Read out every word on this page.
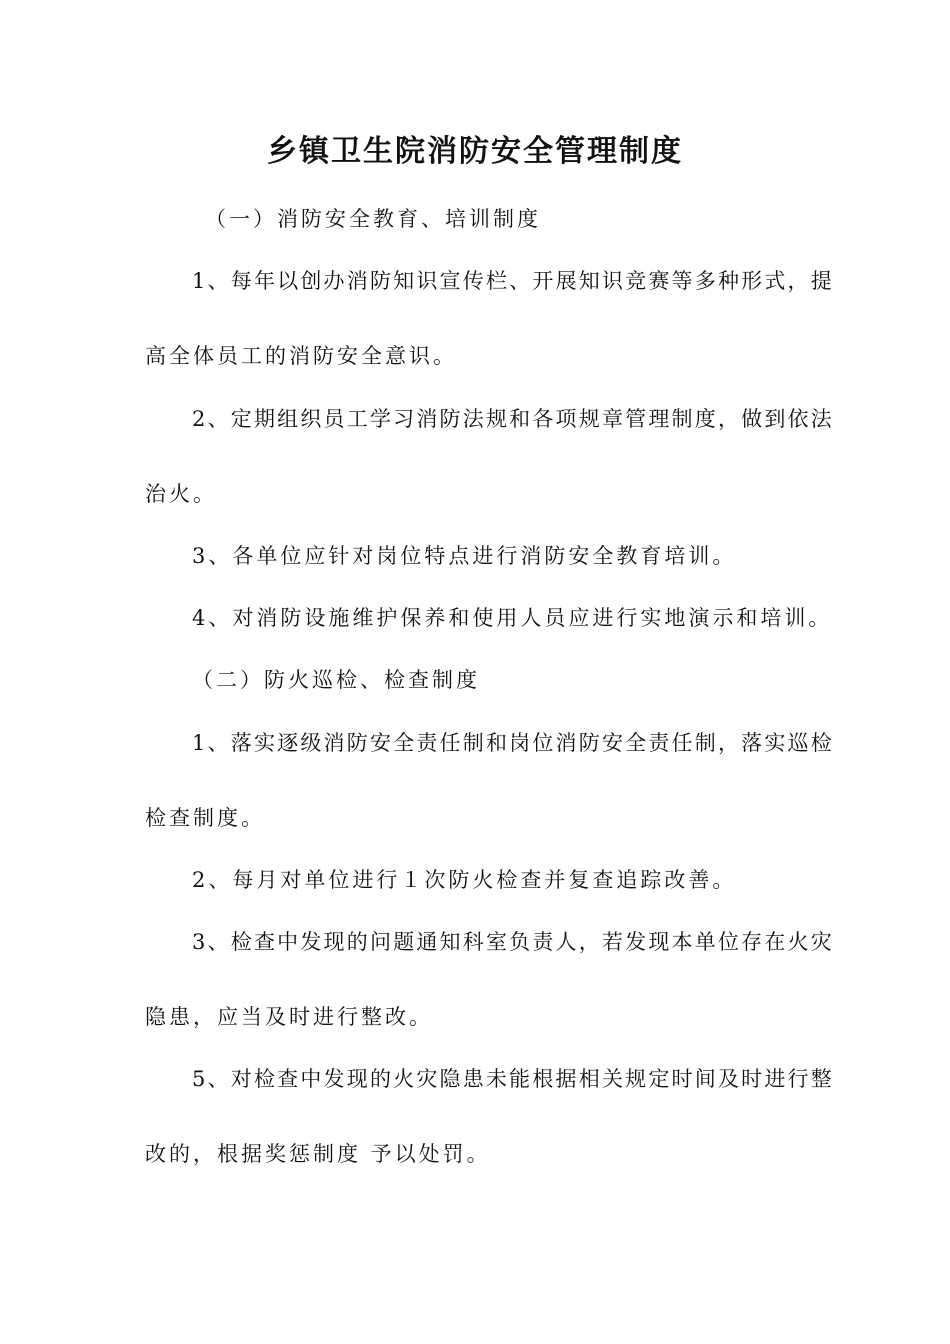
乡镇卫生院消防安全管理制度

（一）消防安全教育、培训制度

1、每年以创办消防知识宣传栏、开展知识竞赛等多种形式，提

高全体员工的消防安全意识。

2、定期组织员工学习消防法规和各项规章管理制度，做到依法

治火。

3、各单位应针对岗位特点进行消防安全教育培训。

4、对消防设施维护保养和使用人员应进行实地演示和培训。

（二）防火巡检、检查制度

1、落实逐级消防安全责任制和岗位消防安全责任制，落实巡检

检查制度。

2、每月对单位进行１次防火检查并复查追踪改善。

3、检查中发现的问题通知科室负责人，若发现本单位存在火灾

隐患，应当及时进行整改。

5、对检查中发现的火灾隐患未能根据相关规定时间及时进行整

改的，根据奖惩制度 予以处罚。
